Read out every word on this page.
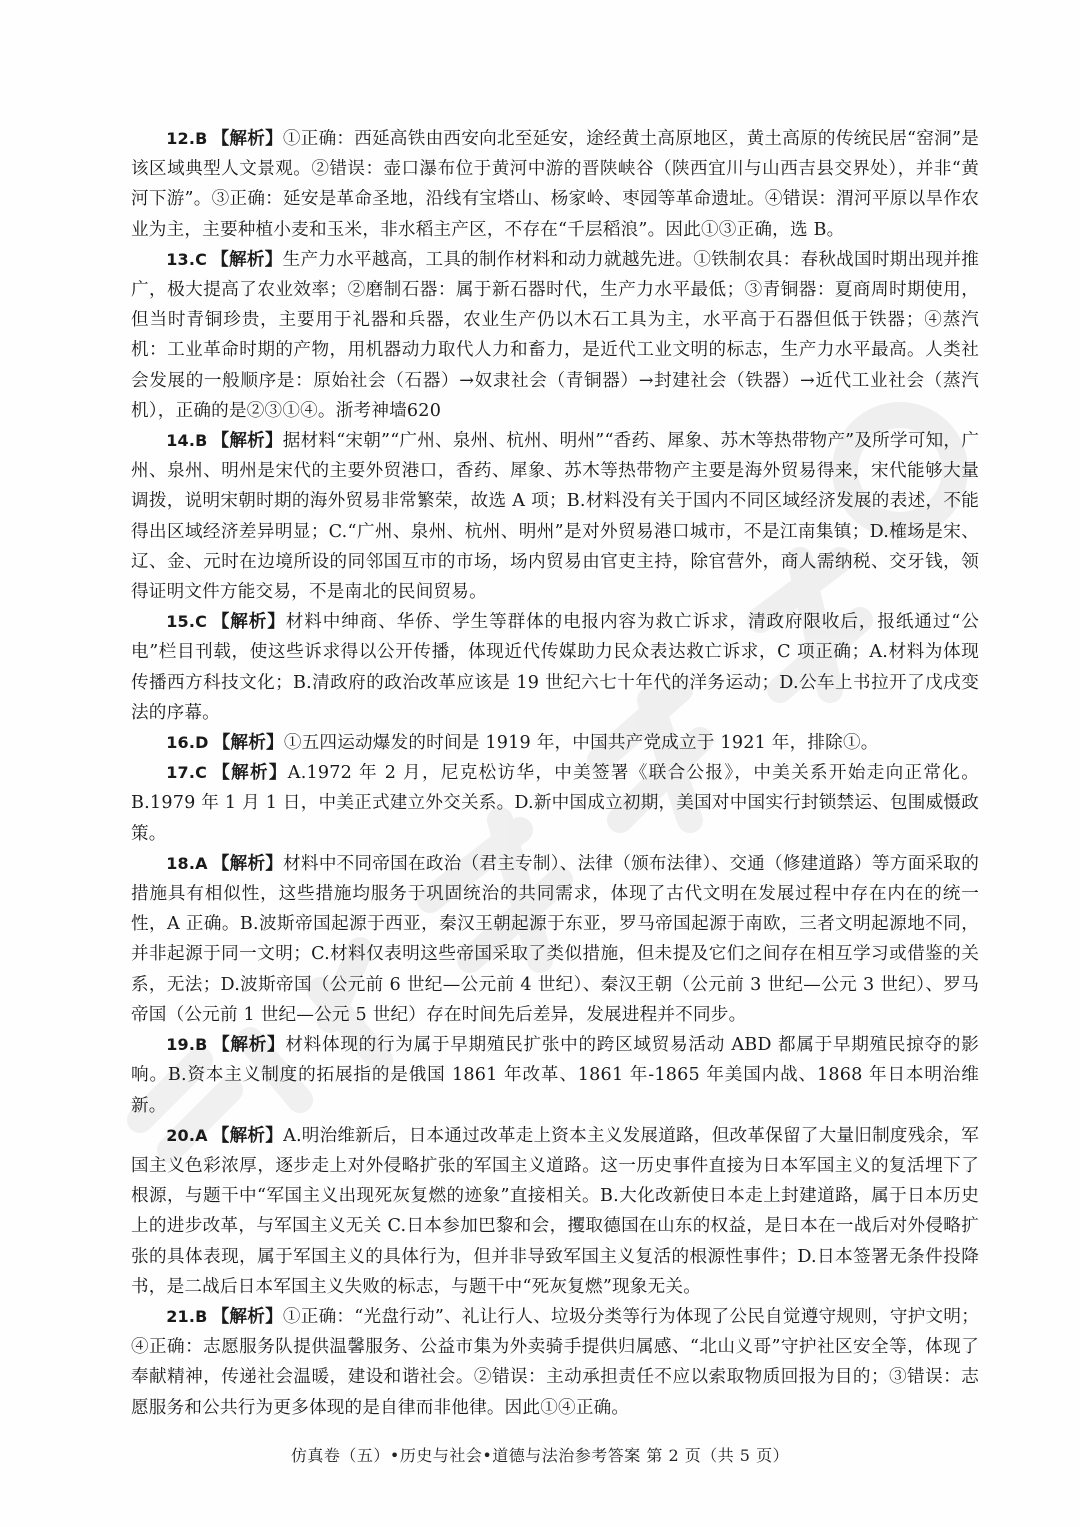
12.B 【解析】①正确：西延高铁由西安向北至延安，途经黄土高原地区，黄土高原的传统民居“窑洞”是该区域典型人文景观。②错误：壶口瀑布位于黄河中游的晋陕峡谷（陕西宜川与山西吉县交界处），并非“黄河下游”。③正确：延安是革命圣地，沿线有宝塔山、杨家岭、枣园等革命遗址。④错误：渭河平原以旱作农业为主，主要种植小麦和玉米，非水稻主产区，不存在“千层稻浪”。因此①③正确，选 B。

13.C 【解析】生产力水平越高，工具的制作材料和动力就越先进。①铁制农具：春秋战国时期出现并推广，极大提高了农业效率；②磨制石器：属于新石器时代，生产力水平最低；③青铜器：夏商周时期使用，但当时青铜珍贵，主要用于礼器和兵器，农业生产仍以木石工具为主，水平高于石器但低于铁器；④蒸汽机：工业革命时期的产物，用机器动力取代人力和畜力，是近代工业文明的标志，生产力水平最高。人类社会发展的一般顺序是：原始社会（石器）→奴隶社会（青铜器）→封建社会（铁器）→近代工业社会（蒸汽机），正确的是②③①④。浙考神墙620

14.B 【解析】据材料“宋朝”“广州、泉州、杭州、明州”“香药、犀象、苏木等热带物产”及所学可知，广州、泉州、明州是宋代的主要外贸港口，香药、犀象、苏木等热带物产主要是海外贸易得来，宋代能够大量调拨，说明宋朝时期的海外贸易非常繁荣，故选 A 项；B.材料没有关于国内不同区域经济发展的表述，不能得出区域经济差异明显；C.“广州、泉州、杭州、明州”是对外贸易港口城市，不是江南集镇；D.榷场是宋、辽、金、元时在边境所设的同邻国互市的市场，场内贸易由官吏主持，除官营外，商人需纳税、交牙钱，领得证明文件方能交易，不是南北的民间贸易。

15.C 【解析】材料中绅商、华侨、学生等群体的电报内容为救亡诉求，清政府限收后，报纸通过“公电”栏目刊载，使这些诉求得以公开传播，体现近代传媒助力民众表达救亡诉求，C 项正确；A.材料为体现传播西方科技文化；B.清政府的政治改革应该是 19 世纪六七十年代的洋务运动；D.公车上书拉开了戊戌变法的序幕。

16.D 【解析】①五四运动爆发的时间是 1919 年，中国共产党成立于 1921 年，排除①。

17.C 【解析】A.1972 年 2 月，尼克松访华，中美签署《联合公报》，中美关系开始走向正常化。B.1979 年 1 月 1 日，中美正式建立外交关系。D.新中国成立初期，美国对中国实行封锁禁运、包围威慑政策。

18.A 【解析】材料中不同帝国在政治（君主专制）、法律（颁布法律）、交通（修建道路）等方面采取的措施具有相似性，这些措施均服务于巩固统治的共同需求，体现了古代文明在发展过程中存在内在的统一性，A 正确。B.波斯帝国起源于西亚，秦汉王朝起源于东亚，罗马帝国起源于南欧，三者文明起源地不同，并非起源于同一文明；C.材料仅表明这些帝国采取了类似措施，但未提及它们之间存在相互学习或借鉴的关系，无法；D.波斯帝国（公元前 6 世纪—公元前 4 世纪）、秦汉王朝（公元前 3 世纪—公元 3 世纪）、罗马帝国（公元前 1 世纪—公元 5 世纪）存在时间先后差异，发展进程并不同步。

19.B 【解析】材料体现的行为属于早期殖民扩张中的跨区域贸易活动 ABD 都属于早期殖民掠夺的影响。B.资本主义制度的拓展指的是俄国 1861 年改革、1861 年-1865 年美国内战、1868 年日本明治维新。

20.A 【解析】A.明治维新后，日本通过改革走上资本主义发展道路，但改革保留了大量旧制度残余，军国主义色彩浓厚，逐步走上对外侵略扩张的军国主义道路。这一历史事件直接为日本军国主义的复活埋下了根源，与题干中“军国主义出现死灰复燃的迹象”直接相关。B.大化改新使日本走上封建道路，属于日本历史上的进步改革，与军国主义无关 C.日本参加巴黎和会，攫取德国在山东的权益，是日本在一战后对外侵略扩张的具体表现，属于军国主义的具体行为，但并非导致军国主义复活的根源性事件；D.日本签署无条件投降书，是二战后日本军国主义失败的标志，与题干中“死灰复燃”现象无关。

21.B 【解析】①正确：“光盘行动”、礼让行人、垃圾分类等行为体现了公民自觉遵守规则，守护文明；④正确：志愿服务队提供温馨服务、公益市集为外卖骑手提供归属感、“北山义哥”守护社区安全等，体现了奉献精神，传递社会温暖，建设和谐社会。②错误：主动承担责任不应以索取物质回报为目的；③错误：志愿服务和公共行为更多体现的是自律而非他律。因此①④正确。

仿真卷（五）•历史与社会•道德与法治参考答案 第 2 页（共 5 页）
